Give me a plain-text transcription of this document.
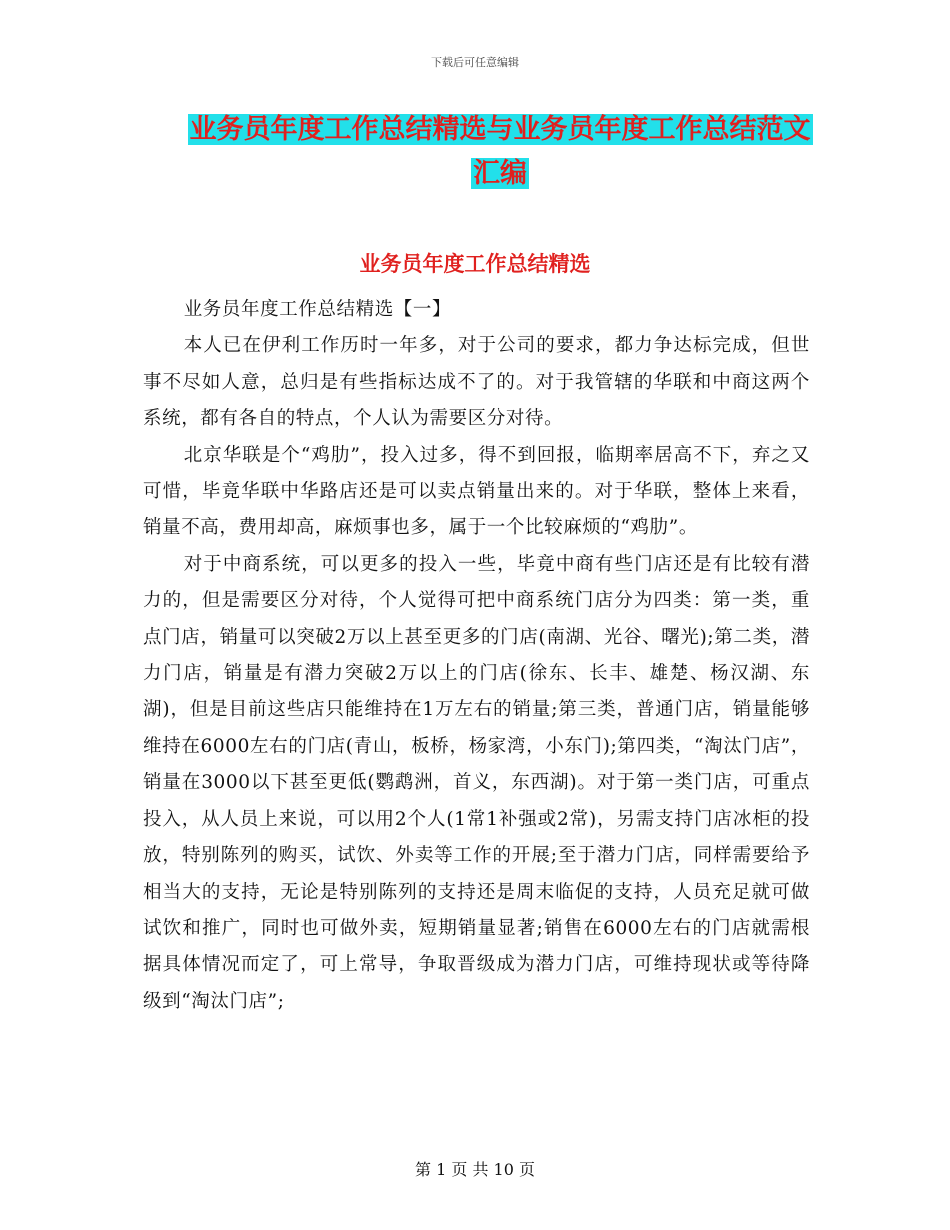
下载后可任意编辑
业务员年度工作总结精选与业务员年度工作总结范文
汇编
业务员年度工作总结精选

业务员年度工作总结精选【一】

本人已在伊利工作历时一年多，对于公司的要求，都力争达标完成，但世事不尽如人意，总归是有些指标达成不了的。对于我管辖的华联和中商这两个系统，都有各自的特点，个人认为需要区分对待。

北京华联是个“鸡肋”，投入过多，得不到回报，临期率居高不下，弃之又可惜，毕竟华联中华路店还是可以卖点销量出来的。对于华联，整体上来看，销量不高，费用却高，麻烦事也多，属于一个比较麻烦的“鸡肋”。

对于中商系统，可以更多的投入一些，毕竟中商有些门店还是有比较有潜力的，但是需要区分对待，个人觉得可把中商系统门店分为四类：第一类，重点门店，销量可以突破2万以上甚至更多的门店(南湖、光谷、曙光);第二类，潜力门店，销量是有潜力突破2万以上的门店(徐东、长丰、雄楚、杨汉湖、东湖)，但是目前这些店只能维持在1万左右的销量;第三类，普通门店，销量能够维持在6000左右的门店(青山，板桥，杨家湾，小东门);第四类，“淘汰门店”，销量在3000以下甚至更低(鹦鹉洲，首义，东西湖)。对于第一类门店，可重点投入，从人员上来说，可以用2个人(1常1补强或2常)，另需支持门店冰柜的投放，特别陈列的购买，试饮、外卖等工作的开展;至于潜力门店，同样需要给予相当大的支持，无论是特别陈列的支持还是周末临促的支持，人员充足就可做试饮和推广，同时也可做外卖，短期销量显著;销售在6000左右的门店就需根据具体情况而定了，可上常导，争取晋级成为潜力门店，可维持现状或等待降级到“淘汰门店”;

第 1 页 共 10 页
